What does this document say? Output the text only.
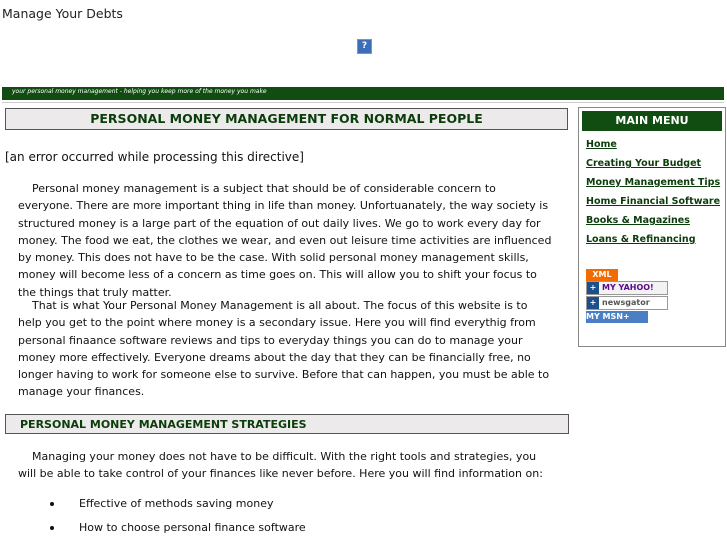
Manage Your Debts
?
your personal money management - helping you keep more of the money you make
PERSONAL MONEY MANAGEMENT FOR NORMAL PEOPLE
[an error occurred while processing this directive]

Personal money management is a subject that should be of considerable concern to everyone. There are more important thing in life than money. Unfortuanately, the way society is structured money is a large part of the equation of out daily lives. We go to work every day for money. The food we eat, the clothes we wear, and even out leisure time activities are influenced by money. This does not have to be the case. With solid personal money management skills, money will become less of a concern as time goes on. This will allow you to shift your focus to the things that truly matter.

That is what Your Personal Money Management is all about. The focus of this website is to help you get to the point where money is a secondary issue. Here you will find everythig from personal finaance software reviews and tips to everyday things you can do to manage your money more effectively. Everyone dreams about the day that they can be financially free, no longer having to work for someone else to survive. Before that can happen, you must be able to manage your finances.

PERSONAL MONEY MANAGEMENT STRATEGIES

Managing your money does not have to be difficult. With the right tools and strategies, you will be able to take control of your finances like never before. Here you will find information on:

Effective of methods saving money
How to choose personal finance software
MAIN MENU
Home
Creating Your Budget
Money Management Tips
Home Financial Software
Books & Magazines
Loans & Refinancing
XML
+ MY YAHOO!
+ newsgator
MY MSN+
